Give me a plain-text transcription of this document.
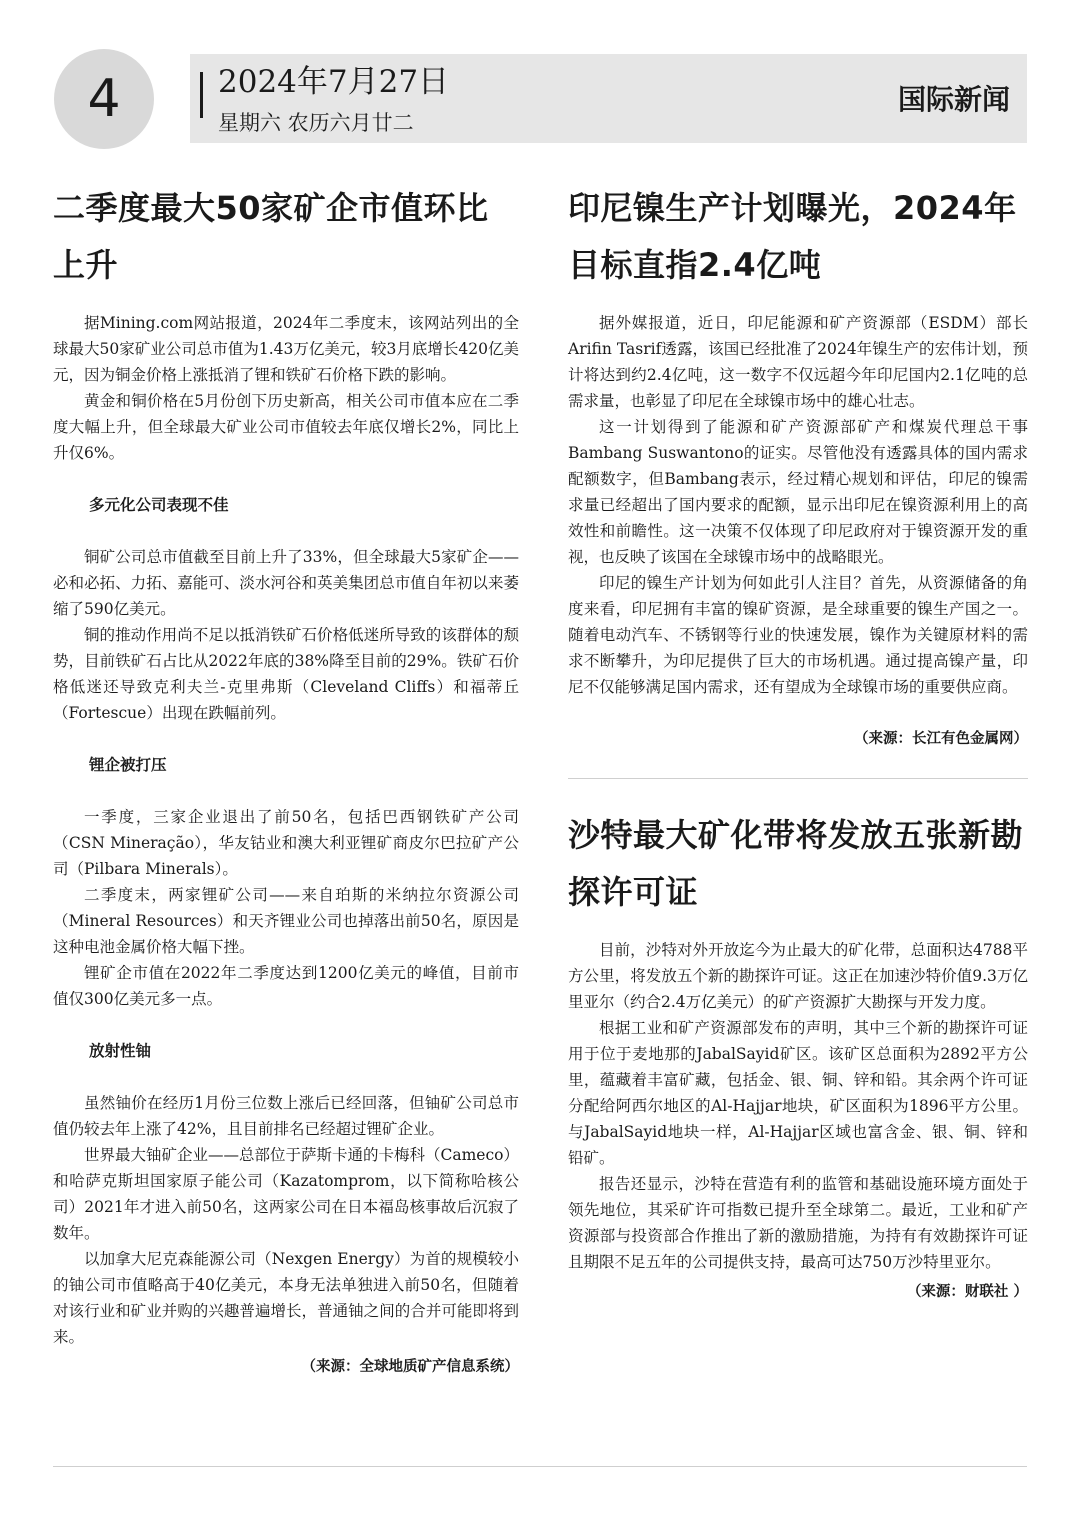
4	2024年7月27日
星期六 农历六月廿二
国际新闻
二季度最大50家矿企市值环比上升

据Mining.com网站报道，2024年二季度末，该网站列出的全球最大50家矿业公司总市值为1.43万亿美元，较3月底增长420亿美元，因为铜金价格上涨抵消了锂和铁矿石价格下跌的影响。

黄金和铜价格在5月份创下历史新高，相关公司市值本应在二季度大幅上升，但全球最大矿业公司市值较去年底仅增长2%，同比上升仅6%。

多元化公司表现不佳

铜矿公司总市值截至目前上升了33%，但全球最大5家矿企——必和必拓、力拓、嘉能可、淡水河谷和英美集团总市值自年初以来萎缩了590亿美元。

铜的推动作用尚不足以抵消铁矿石价格低迷所导致的该群体的颓势，目前铁矿石占比从2022年底的38%降至目前的29%。铁矿石价格低迷还导致克利夫兰-克里弗斯（Cleveland Cliffs）和福蒂丘（Fortescue）出现在跌幅前列。

锂企被打压

一季度，三家企业退出了前50名，包括巴西钢铁矿产公司（CSN Mineração），华友钴业和澳大利亚锂矿商皮尔巴拉矿产公司（Pilbara Minerals）。

二季度末，两家锂矿公司——来自珀斯的米纳拉尔资源公司（Mineral Resources）和天齐锂业公司也掉落出前50名，原因是这种电池金属价格大幅下挫。

锂矿企市值在2022年二季度达到1200亿美元的峰值，目前市值仅300亿美元多一点。

放射性铀

虽然铀价在经历1月份三位数上涨后已经回落，但铀矿公司总市值仍较去年上涨了42%，且目前排名已经超过锂矿企业。

世界最大铀矿企业——总部位于萨斯卡通的卡梅科（Cameco）和哈萨克斯坦国家原子能公司（Kazatomprom，以下简称哈核公司）2021年才进入前50名，这两家公司在日本福岛核事故后沉寂了数年。

以加拿大尼克森能源公司（Nexgen Energy）为首的规模较小的铀公司市值略高于40亿美元，本身无法单独进入前50名，但随着对该行业和矿业并购的兴趣普遍增长，普通铀之间的合并可能即将到来。

（来源：全球地质矿产信息系统）
印尼镍生产计划曝光，2024年目标直指2.4亿吨

据外媒报道，近日，印尼能源和矿产资源部（ESDM）部长Arifin Tasrif透露，该国已经批准了2024年镍生产的宏伟计划，预计将达到约2.4亿吨，这一数字不仅远超今年印尼国内2.1亿吨的总需求量，也彰显了印尼在全球镍市场中的雄心壮志。

这一计划得到了能源和矿产资源部矿产和煤炭代理总干事Bambang Suswantono的证实。尽管他没有透露具体的国内需求配额数字，但Bambang表示，经过精心规划和评估，印尼的镍需求量已经超出了国内要求的配额，显示出印尼在镍资源利用上的高效性和前瞻性。这一决策不仅体现了印尼政府对于镍资源开发的重视，也反映了该国在全球镍市场中的战略眼光。

印尼的镍生产计划为何如此引人注目？首先，从资源储备的角度来看，印尼拥有丰富的镍矿资源，是全球重要的镍生产国之一。随着电动汽车、不锈钢等行业的快速发展，镍作为关键原材料的需求不断攀升，为印尼提供了巨大的市场机遇。通过提高镍产量，印尼不仅能够满足国内需求，还有望成为全球镍市场的重要供应商。

（来源：长江有色金属网）
沙特最大矿化带将发放五张新勘探许可证

目前，沙特对外开放迄今为止最大的矿化带，总面积达4788平方公里，将发放五个新的勘探许可证。这正在加速沙特价值9.3万亿里亚尔（约合2.4万亿美元）的矿产资源扩大勘探与开发力度。

根据工业和矿产资源部发布的声明，其中三个新的勘探许可证用于位于麦地那的JabalSayid矿区。该矿区总面积为2892平方公里，蕴藏着丰富矿藏，包括金、银、铜、锌和铅。其余两个许可证分配给阿西尔地区的Al-Hajjar地块，矿区面积为1896平方公里。与JabalSayid地块一样，Al-Hajjar区域也富含金、银、铜、锌和铅矿。

报告还显示，沙特在营造有利的监管和基础设施环境方面处于领先地位，其采矿许可指数已提升至全球第二。最近，工业和矿产资源部与投资部合作推出了新的激励措施，为持有有效勘探许可证且期限不足五年的公司提供支持，最高可达750万沙特里亚尔。

（来源：财联社 ）
